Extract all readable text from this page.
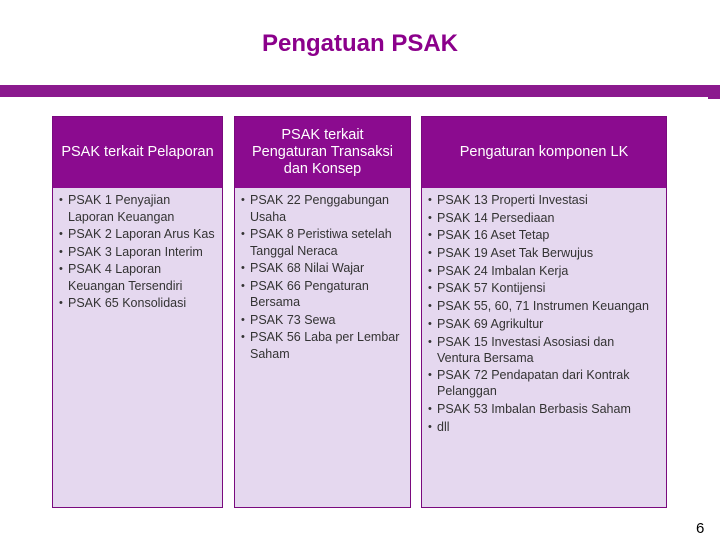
Pengatuan PSAK
PSAK terkait Pelaporan
• PSAK 1 Penyajian Laporan Keuangan
• PSAK 2 Laporan Arus Kas
• PSAK 3 Laporan Interim
• PSAK 4 Laporan Keuangan Tersendiri
• PSAK 65 Konsolidasi
PSAK terkait Pengaturan Transaksi dan Konsep
• PSAK 22 Penggabungan Usaha
• PSAK 8 Peristiwa setelah Tanggal Neraca
• PSAK 68 Nilai Wajar
• PSAK 66 Pengaturan Bersama
• PSAK 73 Sewa
• PSAK 56 Laba per Lembar Saham
Pengaturan komponen LK
• PSAK 13 Properti Investasi
• PSAK 14 Persediaan
• PSAK 16 Aset Tetap
• PSAK 19 Aset Tak Berwujus
• PSAK 24 Imbalan Kerja
• PSAK 57 Kontijensi
• PSAK 55, 60, 71 Instrumen Keuangan
• PSAK 69 Agrikultur
• PSAK 15 Investasi Asosiasi dan Ventura Bersama
• PSAK 72 Pendapatan dari Kontrak Pelanggan
• PSAK 53 Imbalan Berbasis Saham
• dll
6
